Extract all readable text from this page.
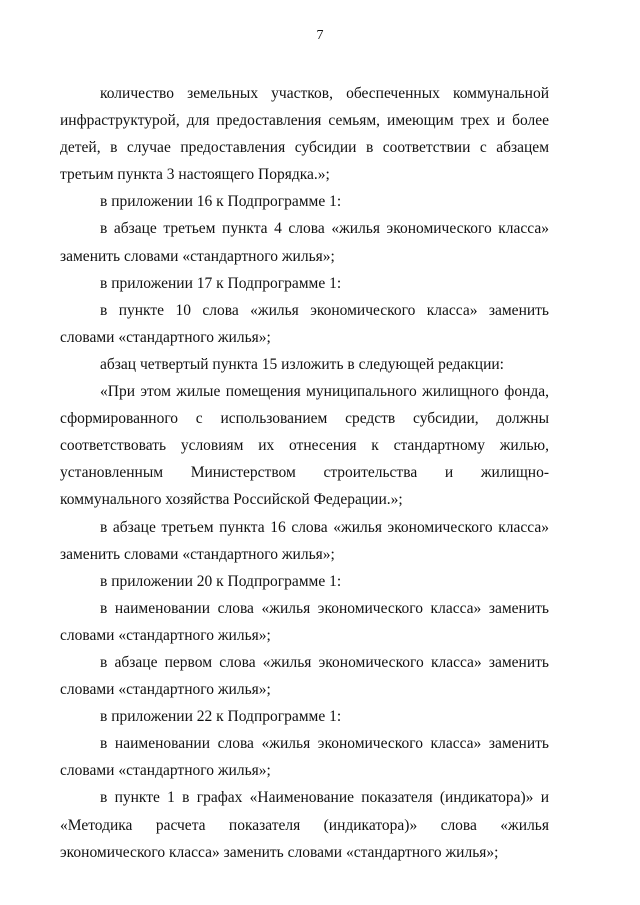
7

количество земельных участков, обеспеченных коммунальной инфраструктурой, для предоставления семьям, имеющим трех и более детей, в случае предоставления субсидии в соответствии с абзацем третьим пункта 3 настоящего Порядка.»;

в приложении 16 к Подпрограмме 1:

в абзаце третьем пункта 4 слова «жилья экономического класса» заменить словами «стандартного жилья»;

в приложении 17 к Подпрограмме 1:

в пункте 10 слова «жилья экономического класса» заменить словами «стандартного жилья»;

абзац четвертый пункта 15 изложить в следующей редакции:

«При этом жилые помещения муниципального жилищного фонда, сформированного с использованием средств субсидии, должны соответствовать условиям их отнесения к стандартному жилью, установленным Министерством строительства и жилищно-коммунального хозяйства Российской Федерации.»;

в абзаце третьем пункта 16 слова «жилья экономического класса» заменить словами «стандартного жилья»;

в приложении 20 к Подпрограмме 1:

в наименовании слова «жилья экономического класса» заменить словами «стандартного жилья»;

в абзаце первом слова «жилья экономического класса» заменить словами «стандартного жилья»;

в приложении 22 к Подпрограмме 1:

в наименовании слова «жилья экономического класса» заменить словами «стандартного жилья»;

в пункте 1 в графах «Наименование показателя (индикатора)» и «Методика расчета показателя (индикатора)» слова «жилья экономического класса» заменить словами «стандартного жилья»;
